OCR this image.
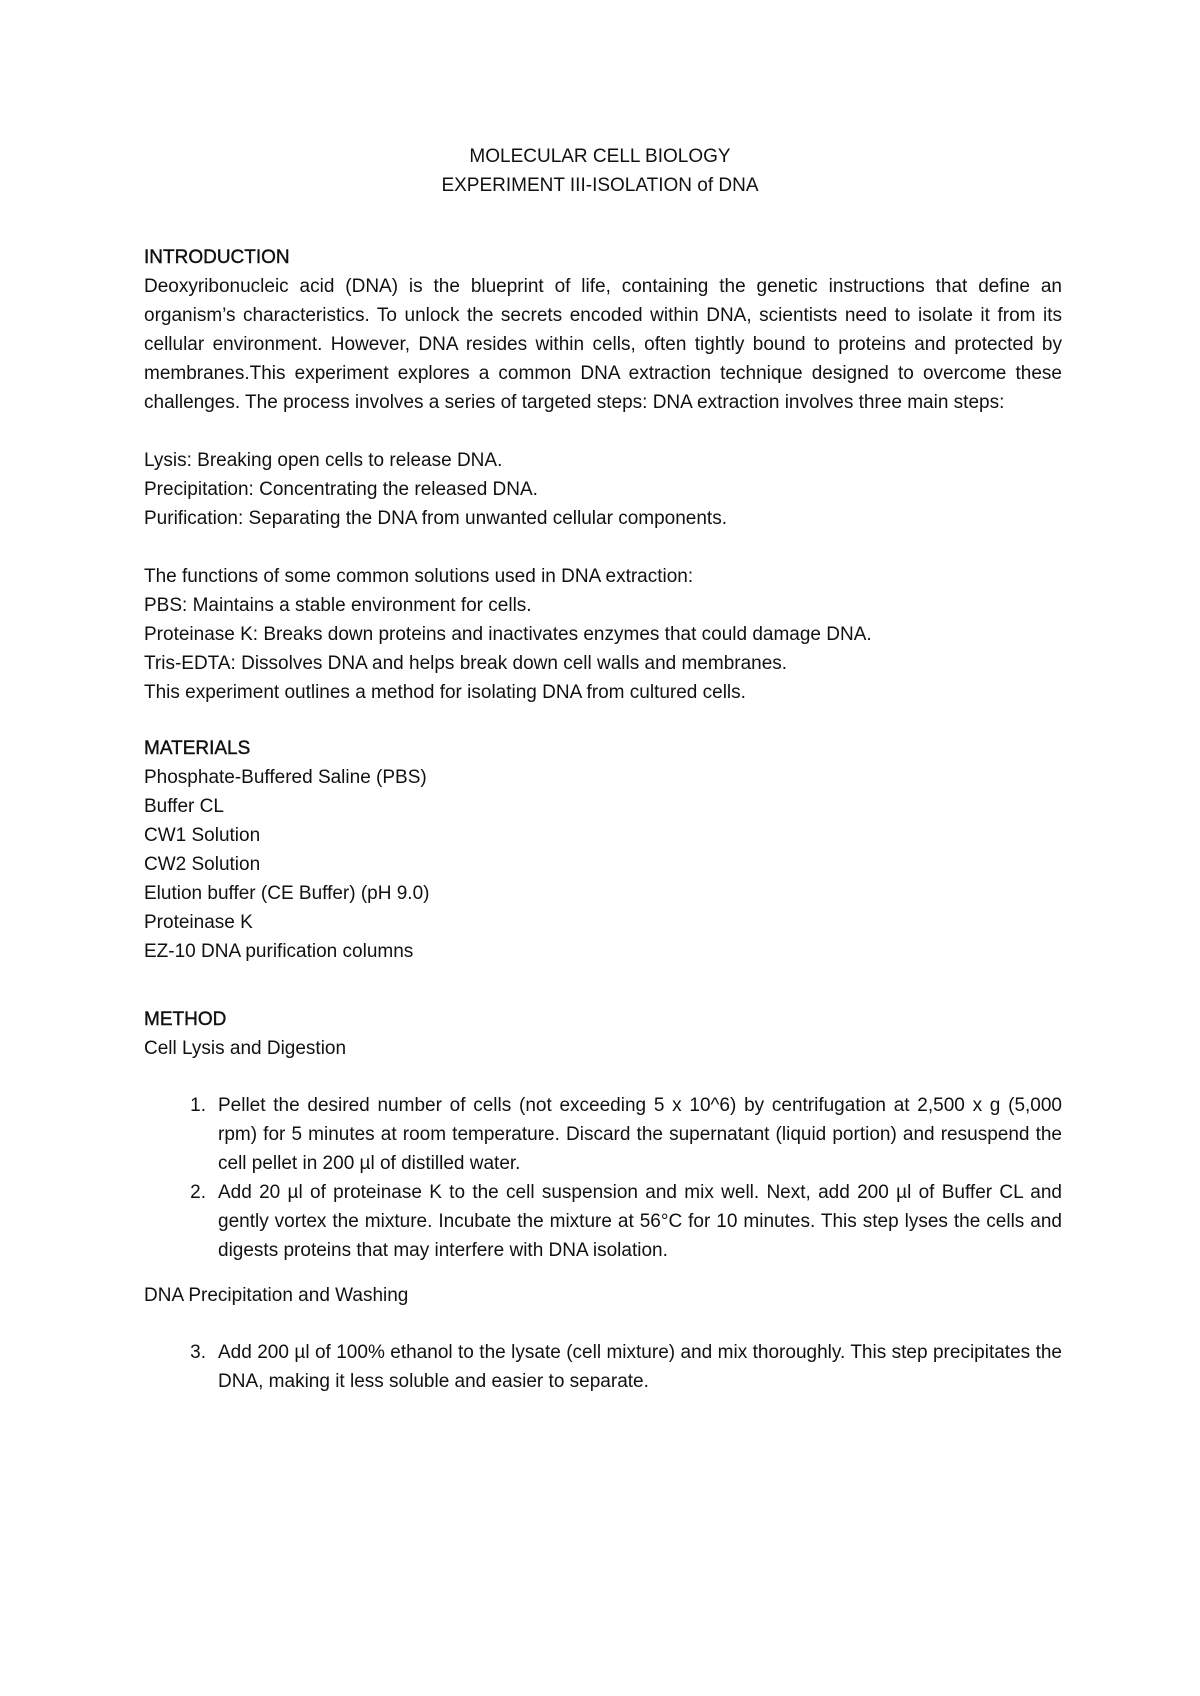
MOLECULAR CELL BIOLOGY

EXPERIMENT III-ISOLATION of DNA

INTRODUCTION

Deoxyribonucleic acid (DNA) is the blueprint of life, containing the genetic instructions that define an organism’s characteristics. To unlock the secrets encoded within DNA, scientists need to isolate it from its cellular environment. However, DNA resides within cells, often tightly bound to proteins and protected by membranes.This experiment explores a common DNA extraction technique designed to overcome these challenges. The process involves a series of targeted steps: DNA extraction involves three main steps:

Lysis: Breaking open cells to release DNA.

Precipitation: Concentrating the released DNA.

Purification: Separating the DNA from unwanted cellular components.

The functions of some common solutions used in DNA extraction:

PBS: Maintains a stable environment for cells.

Proteinase K: Breaks down proteins and inactivates enzymes that could damage DNA.

Tris-EDTA: Dissolves DNA and helps break down cell walls and membranes.

This experiment outlines a method for isolating DNA from cultured cells.

MATERIALS

Phosphate-Buffered Saline (PBS)

Buffer CL

CW1 Solution

CW2 Solution

Elution buffer (CE Buffer) (pH 9.0)

Proteinase K

EZ-10 DNA purification columns

METHOD

Cell Lysis and Digestion

1. Pellet the desired number of cells (not exceeding 5 x 10^6) by centrifugation at 2,500 x g (5,000 rpm) for 5 minutes at room temperature. Discard the supernatant (liquid portion) and resuspend the cell pellet in 200 µl of distilled water.
2. Add 20 µl of proteinase K to the cell suspension and mix well. Next, add 200 µl of Buffer CL and gently vortex the mixture. Incubate the mixture at 56°C for 10 minutes. This step lyses the cells and digests proteins that may interfere with DNA isolation.

DNA Precipitation and Washing

3. Add 200 µl of 100% ethanol to the lysate (cell mixture) and mix thoroughly. This step precipitates the DNA, making it less soluble and easier to separate.
